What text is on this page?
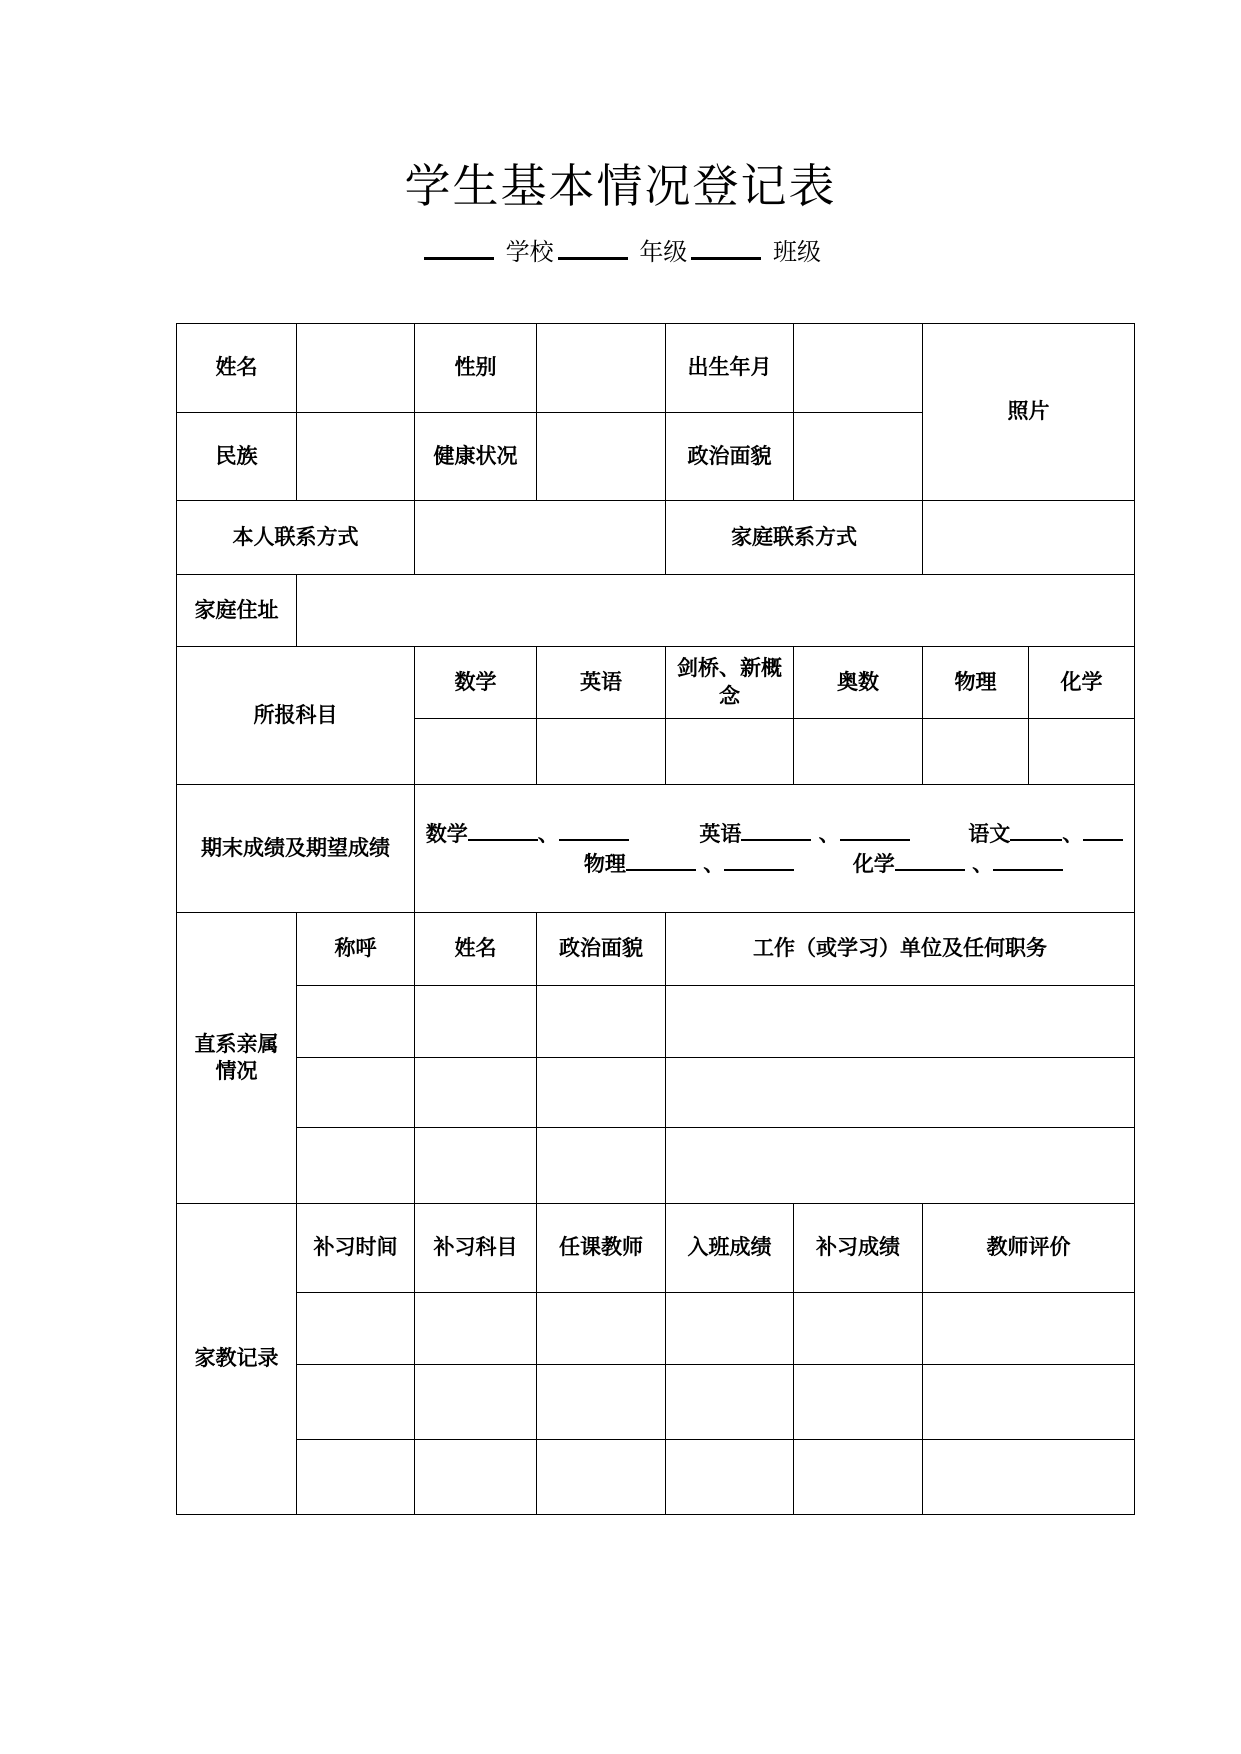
学生基本情况登记表
学校	年级	班级
姓名		性别		出生年月		照片	
民族		健康状况		政治面貌			
本人联系方式				家庭联系方式			
家庭住址							
所报科目		数学	英语	剑桥、新概念	奥数	物理	化学

期末成绩及期望成绩		数学 、 英语 、 语文 、
物理 、 化学 、					

直系亲属情况	称呼	姓名	政治面貌	工作（或学习）单位及任何职务			

家教记录	补习时间	补习科目	任课教师	入班成绩	补习成绩	教师评价	
